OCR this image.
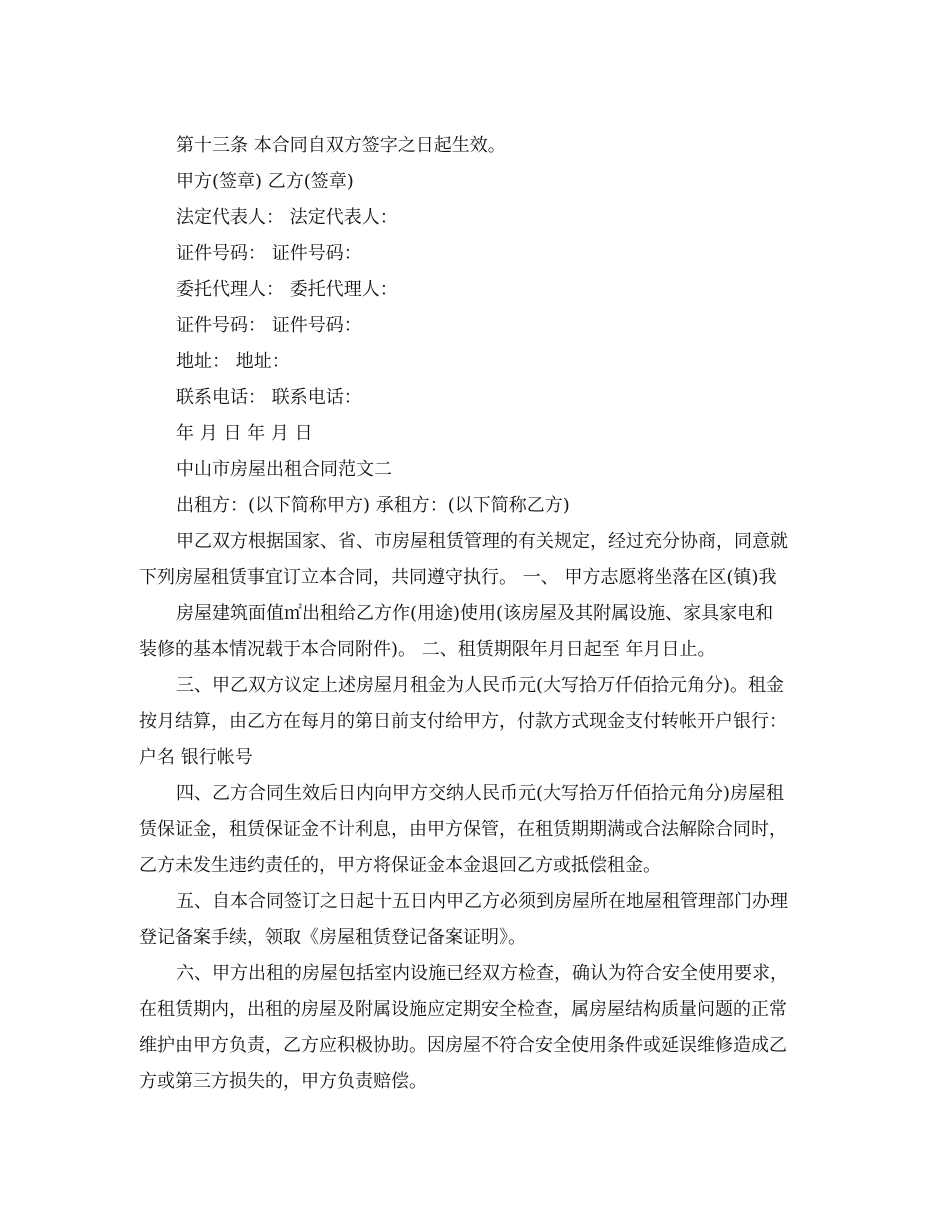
第十三条 本合同自双方签字之日起生效。
甲方(签章) 乙方(签章)
法定代表人： 法定代表人：
证件号码： 证件号码：
委托代理人： 委托代理人：
证件号码： 证件号码：
地址： 地址：
联系电话： 联系电话：
年 月 日 年 月 日
中山市房屋出租合同范文二
出租方：(以下简称甲方) 承租方：(以下简称乙方)
甲乙双方根据国家、省、市房屋租赁管理的有关规定，经过充分协商，同意就
下列房屋租赁事宜订立本合同，共同遵守执行。 一、 甲方志愿将坐落在区(镇)我
房屋建筑面值㎡出租给乙方作(用途)使用(该房屋及其附属设施、家具家电和
装修的基本情况载于本合同附件)。 二、租赁期限年月日起至 年月日止。
三、甲乙双方议定上述房屋月租金为人民币元(大写拾万仟佰拾元角分)。租金
按月结算，由乙方在每月的第日前支付给甲方，付款方式现金支付转帐开户银行：
户名 银行帐号
四、乙方合同生效后日内向甲方交纳人民币元(大写拾万仟佰拾元角分)房屋租
赁保证金，租赁保证金不计利息，由甲方保管，在租赁期期满或合法解除合同时，
乙方未发生违约责任的，甲方将保证金本金退回乙方或抵偿租金。
五、自本合同签订之日起十五日内甲乙方必须到房屋所在地屋租管理部门办理
登记备案手续，领取《房屋租赁登记备案证明》。
六、甲方出租的房屋包括室内设施已经双方检查，确认为符合安全使用要求，
在租赁期内，出租的房屋及附属设施应定期安全检查，属房屋结构质量问题的正常
维护由甲方负责，乙方应积极协助。因房屋不符合安全使用条件或延误维修造成乙
方或第三方损失的，甲方负责赔偿。
